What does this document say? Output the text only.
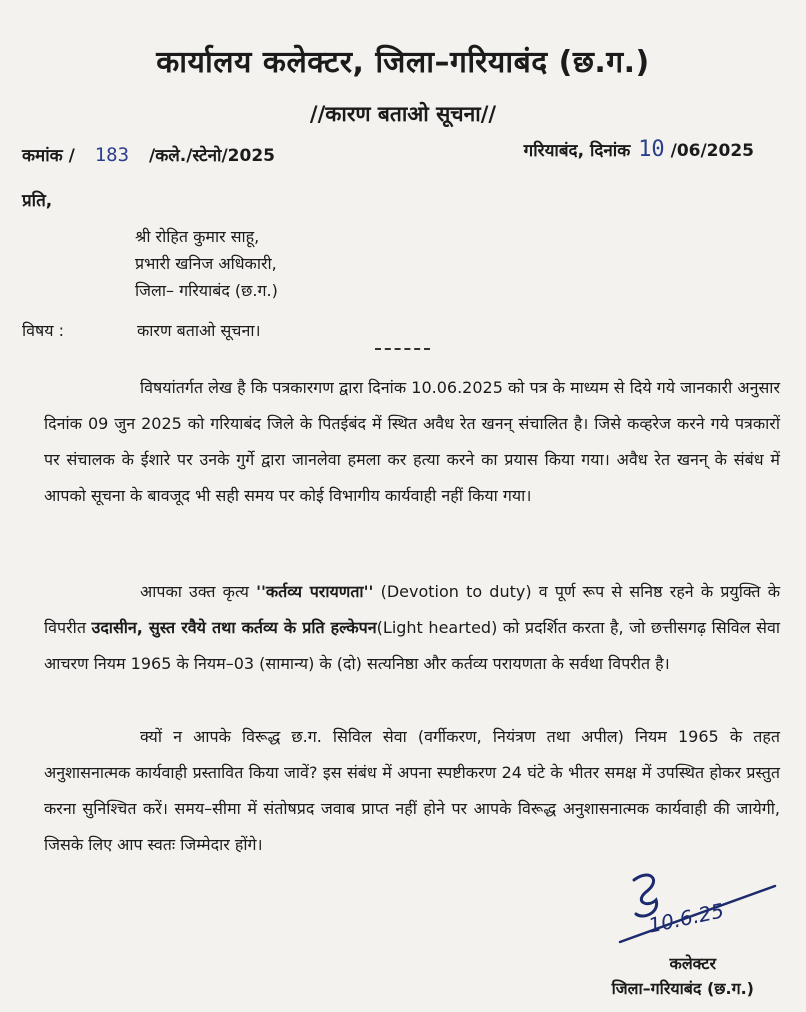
कार्यालय कलेक्टर, जिला–गरियाबंद (छ.ग.)
//कारण बताओ सूचना//
कमांक / 183 /कले./स्टेनो/2025	गरियाबंद, दिनांक 10 /06/2025
प्रति,
श्री रोहित कुमार साहू,
प्रभारी खनिज अधिकारी,
जिला– गरियाबंद (छ.ग.)
विषय :	कारण बताओ सूचना।

विषयांतर्गत लेख है कि पत्रकारगण द्वारा दिनांक 10.06.2025 को पत्र के माध्यम से दिये गये जानकारी अनुसार दिनांक 09 जुन 2025 को गरियाबंद जिले के पितईबंद में स्थित अवैध रेत खनन् संचालित है। जिसे कव्हरेज करने गये पत्रकारों पर संचालक के ईशारे पर उनके गुर्गे द्वारा जानलेवा हमला कर हत्या करने का प्रयास किया गया। अवैध रेत खनन् के संबंध में आपको सूचना के बावजूद भी सही समय पर कोई विभागीय कार्यवाही नहीं किया गया।

आपका उक्त कृत्य ''कर्तव्य परायणता'' (Devotion to duty) व पूर्ण रूप से सनिष्ठ रहने के प्रयुक्ति के विपरीत उदासीन, सुस्त रवैये तथा कर्तव्य के प्रति हल्केपन(Light hearted) को प्रदर्शित करता है, जो छत्तीसगढ़ सिविल सेवा आचरण नियम 1965 के नियम–03 (सामान्य) के (दो) सत्यनिष्ठा और कर्तव्य परायणता के सर्वथा विपरीत है।

क्यों न आपके विरूद्ध छ.ग. सिविल सेवा (वर्गीकरण, नियंत्रण तथा अपील) नियम 1965 के तहत अनुशासनात्मक कार्यवाही प्रस्तावित किया जावें? इस संबंध में अपना स्पष्टीकरण 24 घंटे के भीतर समक्ष में उपस्थित होकर प्रस्तुत करना सुनिश्चित करें। समय–सीमा में संतोषप्रद जवाब प्राप्त नहीं होने पर आपके विरूद्ध अनुशासनात्मक कार्यवाही की जायेगी, जिसके लिए आप स्वतः जिम्मेदार होंगे।

10.6.25
कलेक्टर
जिला–गरियाबंद (छ.ग.)
